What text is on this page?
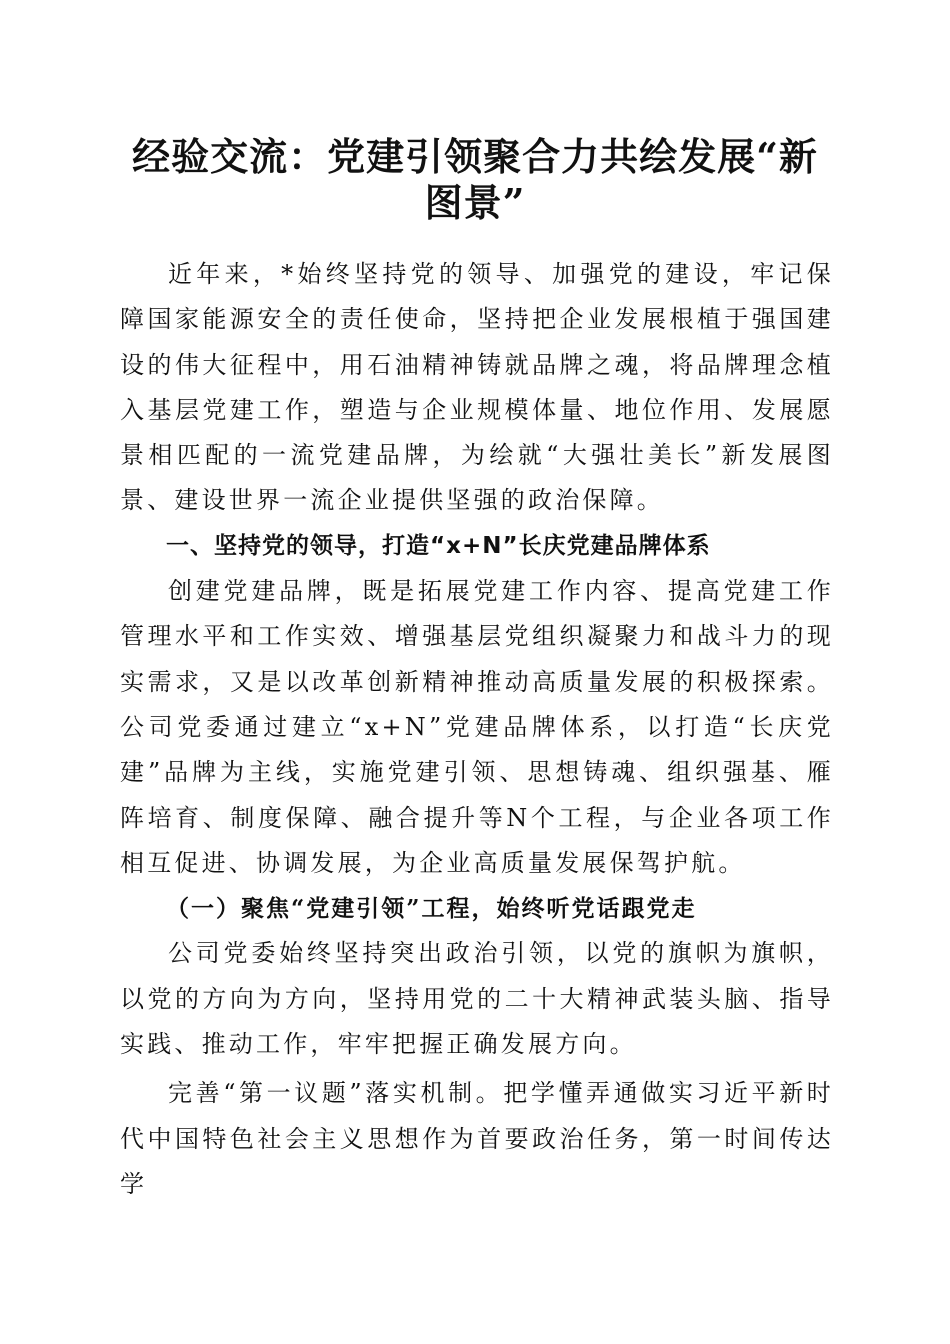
经验交流：党建引领聚合力共绘发展“新图景”

近年来，*始终坚持党的领导、加强党的建设，牢记保障国家能源安全的责任使命，坚持把企业发展根植于强国建设的伟大征程中，用石油精神铸就品牌之魂，将品牌理念植入基层党建工作，塑造与企业规模体量、地位作用、发展愿景相匹配的一流党建品牌，为绘就“大强壮美长”新发展图景、建设世界一流企业提供坚强的政治保障。

一、坚持党的领导，打造“x+N”长庆党建品牌体系

创建党建品牌，既是拓展党建工作内容、提高党建工作管理水平和工作实效、增强基层党组织凝聚力和战斗力的现实需求，又是以改革创新精神推动高质量发展的积极探索。公司党委通过建立“x+N”党建品牌体系，以打造“长庆党建”品牌为主线，实施党建引领、思想铸魂、组织强基、雁阵培育、制度保障、融合提升等N个工程，与企业各项工作相互促进、协调发展，为企业高质量发展保驾护航。

（一）聚焦“党建引领”工程，始终听党话跟党走

公司党委始终坚持突出政治引领，以党的旗帜为旗帜，以党的方向为方向，坚持用党的二十大精神武装头脑、指导实践、推动工作，牢牢把握正确发展方向。

完善“第一议题”落实机制。把学懂弄通做实习近平新时代中国特色社会主义思想作为首要政治任务，第一时间传达学
